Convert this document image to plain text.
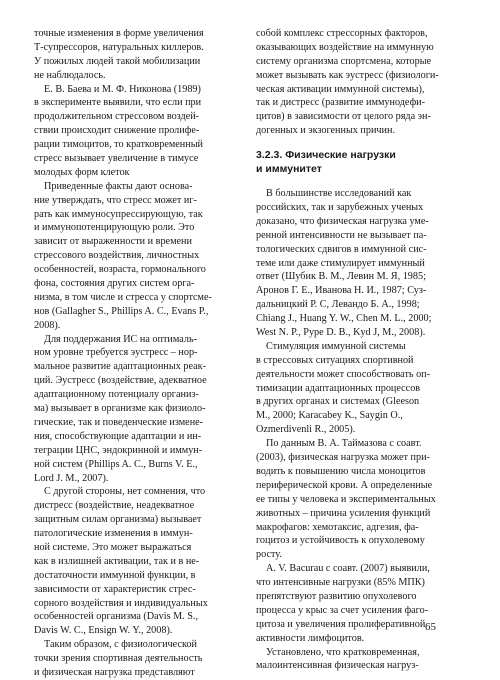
точные изменения в форме увеличения
Т-супрессоров, натуральных киллеров.
У пожилых людей такой мобилизации
не наблюдалось.
Е. В. Баева и М. Ф. Никонова (1989)
в эксперименте выявили, что если при
продолжительном стрессовом воздей-
ствии происходит снижение пролифе-
рации тимоцитов, то кратковременный
стресс вызывает увеличение в тимусе
молодых форм клеток
Приведенные факты дают основа-
ние утверждать, что стресс может иг-
рать как иммуносупрессирующую, так
и иммунопотенцирующую роли. Это
зависит от выраженности и времени
стрессового воздействия, личностных
особенностей, возраста, гормонального
фона, состояния других систем орга-
низма, в том числе и стресса у спортсме-
нов (Gallagher S., Phillips A. C., Evans P.,
2008).
Для поддержания ИС на оптималь-
ном уровне требуется эустресс – нор-
мальное развитие адаптационных реак-
ций. Эустресс (воздействие, адекватное
адаптационному потенциалу организ-
ма) вызывает в организме как физиоло-
гические, так и поведенческие измене-
ния, способствующие адаптации и ин-
теграции ЦНС, эндокринной и иммун-
ной систем (Phillips A. C., Burns V. E.,
Lord J. M., 2007).
С другой стороны, нет сомнения, что
дистресс (воздействие, неадекватное
защитным силам организма) вызывает
патологические изменения в иммун-
ной системе. Это может выражаться
как в излишней активации, так и в не-
достаточности иммунной функции, в
зависимости от характеристик стрес-
сорного воздействия и индивидуальных
особенностей организма (Davis M. S.,
Davis W. C., Ensign W. Y., 2008).
Таким образом, с физиологической
точки зрения спортивная деятельность
и физическая нагрузка представляют
собой комплекс стрессорных факторов,
оказывающих воздействие на иммунную
систему организма спортсмена, которые
может вызывать как эустресс (физиологи-
ческая активации иммунной системы),
так и дистресс (развитие иммунодефи-
цитов) в зависимости от целого ряда эн-
догенных и экзогенных причин.
3.2.3. Физические нагрузки
и иммунитет
В большинстве исследований как
российских, так и зарубежных ученых
доказано, что физическая нагрузка уме-
ренной интенсивности не вызывает па-
тологических сдвигов в иммунной сис-
теме или даже стимулирует иммунный
ответ (Шубик В. М., Левин М. Я, 1985;
Аронов Г. Е., Иванова Н. И., 1987; Суз-
дальницкий Р. С, Левандо Б. А., 1998;
Chiang J., Huang Y. W., Chen M. L., 2000;
West N. P., Pype D. B., Kyd J, M., 2008).
Стимуляция иммунной системы
в стрессовых ситуациях спортивной
деятельности может способствовать оп-
тимизации адаптационных процессов
в других органах и системах (Gleeson
M., 2000; Karacabey K., Saygin O.,
Ozmerdivenli R., 2005).
По данным В. А. Таймазова с соавт.
(2003), физическая нагрузка может при-
водить к повышению числа моноцитов
периферической крови. А определенные
ее типы у человека и экспериментальных
животных – причина усиления функций
макрофагов: хемотаксис, адгезия, фа-
гоцитоз и устойчивость к опухолевому
росту.
A. V. Bacurau с соавт. (2007) выявили,
что интенсивные нагрузки (85% МПК)
препятствуют развитию опухолевого
процесса у крыс за счет усиления фаго-
цитоза и увеличения пролиферативной
активности лимфоцитов.
Установлено, что кратковременная,
малоинтенсивная физическая нагруз-
65
